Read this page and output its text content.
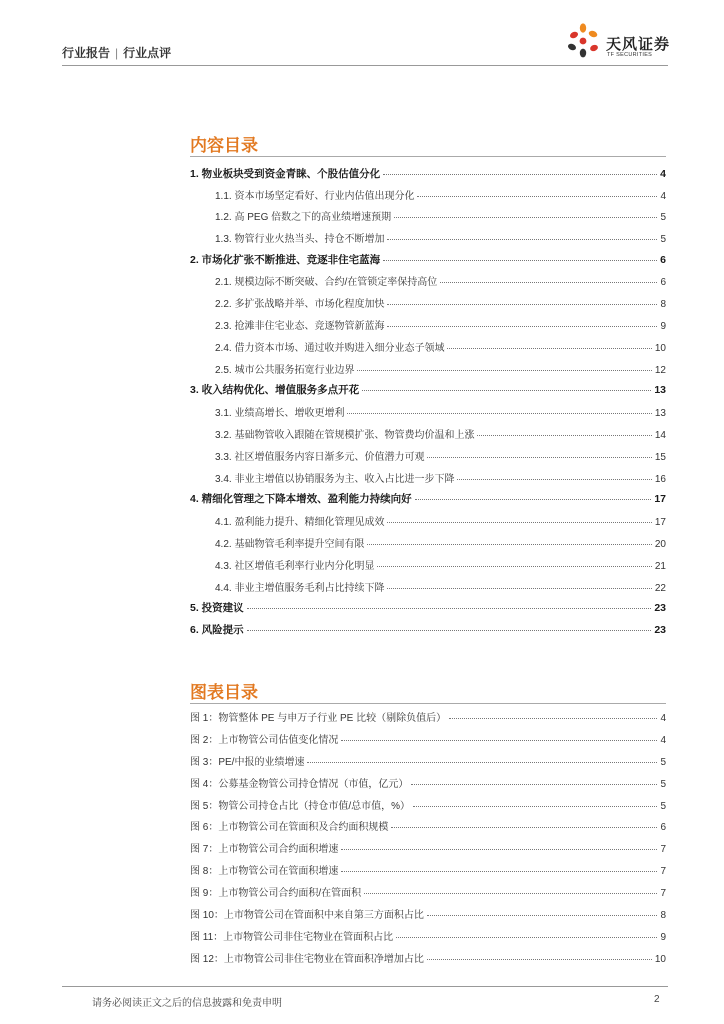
行业报告 | 行业点评	天风证券
TF SECURITIES
内容目录
1. 物业板块受到资金青睐、个股估值分化	4
1.1. 资本市场坚定看好、行业内估值出现分化	4
1.2. 高 PEG 倍数之下的高业绩增速预期	5
1.3. 物管行业火热当头、持仓不断增加	5
2. 市场化扩张不断推进、竞逐非住宅蓝海	6
2.1. 规模边际不断突破、合约/在管锁定率保持高位	6
2.2. 多扩张战略并举、市场化程度加快	8
2.3. 抢滩非住宅业态、竞逐物管新蓝海	9
2.4. 借力资本市场、通过收并购进入细分业态子领域	10
2.5. 城市公共服务拓宽行业边界	12
3. 收入结构优化、增值服务多点开花	13
3.1. 业绩高增长、增收更增利	13
3.2. 基础物管收入跟随在管规模扩张、物管费均价温和上涨	14
3.3. 社区增值服务内容日渐多元、价值潜力可观	15
3.4. 非业主增值以协销服务为主、收入占比进一步下降	16
4. 精细化管理之下降本增效、盈利能力持续向好	17
4.1. 盈利能力提升、精细化管理见成效	17
4.2. 基础物管毛利率提升空间有限	20
4.3. 社区增值毛利率行业内分化明显	21
4.4. 非业主增值服务毛利占比持续下降	22
5. 投资建议	23
6. 风险提示	23
图表目录
图 1：物管整体 PE 与申万子行业 PE 比较（剔除负值后）	4
图 2：上市物管公司估值变化情况	4
图 3：PE/中报的业绩增速	5
图 4：公募基金物管公司持仓情况（市值，亿元）	5
图 5：物管公司持仓占比（持仓市值/总市值，%）	5
图 6：上市物管公司在管面积及合约面积规模	6
图 7：上市物管公司合约面积增速	7
图 8：上市物管公司在管面积增速	7
图 9：上市物管公司合约面积/在管面积	7
图 10：上市物管公司在管面积中来自第三方面积占比	8
图 11：上市物管公司非住宅物业在管面积占比	9
图 12：上市物管公司非住宅物业在管面积净增加占比	10
请务必阅读正文之后的信息披露和免责申明	2
